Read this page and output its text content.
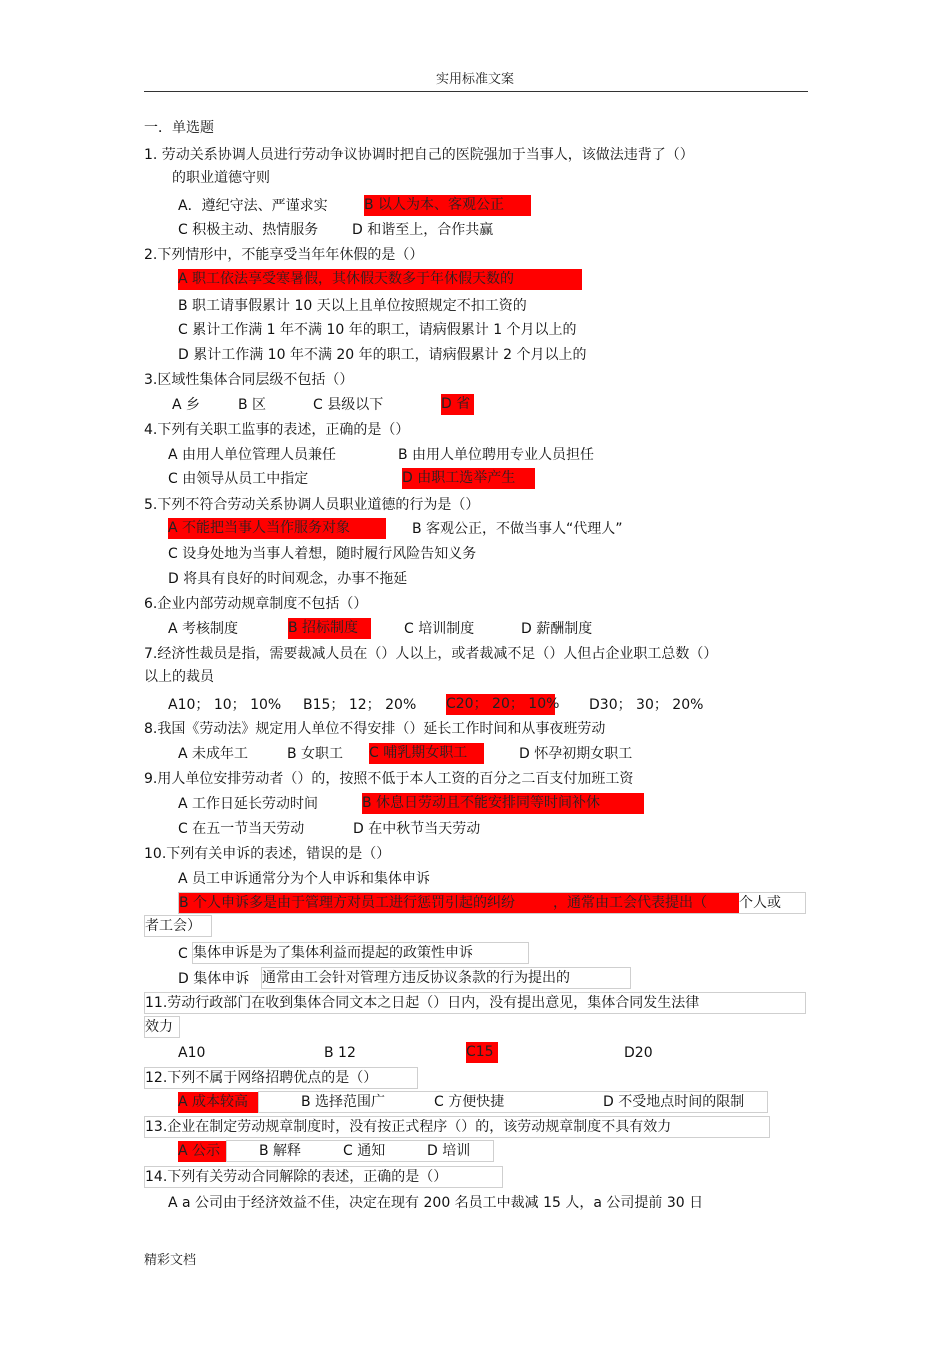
实用标准文案
一．单选题
1. 劳动关系协调人员进行劳动争议协调时把自己的医院强加于当事人，该做法违背了（）
的职业道德守则
A．遵纪守法、严谨求实	B 以人为本、客观公正
C 积极主动、热情服务 D 和谐至上，合作共赢
2.下列情形中，不能享受当年年休假的是（）
A 职工依法享受寒暑假，其休假天数多于年休假天数的
B 职工请事假累计 10 天以上且单位按照规定不扣工资的
C 累计工作满 1 年不满 10 年的职工，请病假累计 1 个月以上的
D 累计工作满 10 年不满 20 年的职工，请病假累计 2 个月以上的
3.区域性集体合同层级不包括（）
A 乡	B 区	C 县级以下	D 省
4.下列有关职工监事的表述，正确的是（）
A 由用人单位管理人员兼任	B 由用人单位聘用专业人员担任
C 由领导从员工中指定	D 由职工选举产生
5.下列不符合劳动关系协调人员职业道德的行为是（）
A 不能把当事人当作服务对象	B 客观公正，不做当事人“代理人”
C 设身处地为当事人着想，随时履行风险告知义务
D 将具有良好的时间观念，办事不拖延
6.企业内部劳动规章制度不包括（）
A 考核制度	B 招标制度	C 培训制度	D 薪酬制度
7.经济性裁员是指，需要裁减人员在（）人以上，或者裁减不足（）人但占企业职工总数（）
以上的裁员
A10； 10； 10% B15； 12； 20% C20； 20； 10% D30； 30； 20%
8.我国《劳动法》规定用人单位不得安排（）延长工作时间和从事夜班劳动
A 未成年工	B 女职工 C 哺乳期女职工	D 怀孕初期女职工
9.用人单位安排劳动者（）的，按照不低于本人工资的百分之二百支付加班工资
A 工作日延长劳动时间	B 休息日劳动且不能安排同等时间补休
C 在五一节当天劳动	D 在中秋节当天劳动
10.下列有关申诉的表述，错误的是（）
A 员工申诉通常分为个人申诉和集体申诉
B 个人申诉多是由于管理方对员工进行惩罚引起的纠纷	，通常由工会代表提出（ 个人或
者工会）
C 集体申诉是为了集体利益而提起的政策性申诉
D 集体申诉 通常由工会针对管理方违反协议条款的行为提出的
11.劳动行政部门在收到集体合同文本之日起（）日内，没有提出意见，集体合同发生法律
效力
A10	B 12	C15	D20
12.下列不属于网络招聘优点的是（）
A 成本较高	B 选择范围广	C 方便快捷	D 不受地点时间的限制
13.企业在制定劳动规章制度时，没有按正式程序（）的，该劳动规章制度不具有效力
A 公示	B 解释	C 通知	D 培训
14.下列有关劳动合同解除的表述，正确的是（）
A a 公司由于经济效益不佳，决定在现有 200 名员工中裁减 15 人，a 公司提前 30 日
精彩文档
